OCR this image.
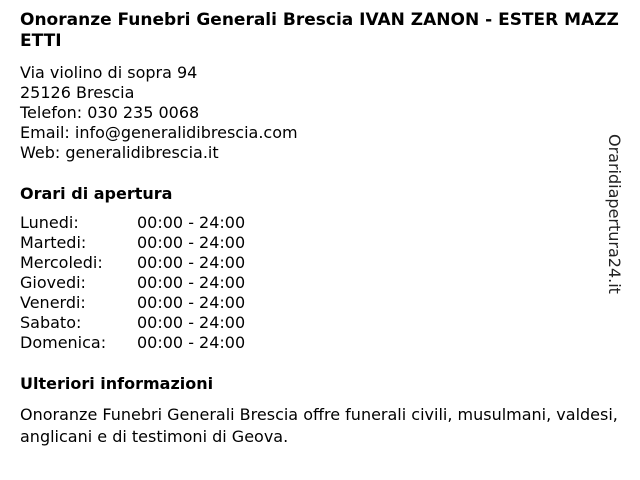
Onoranze Funebri Generali Brescia IVAN ZANON - ESTER MAZZETTI
Via violino di sopra 94
25126 Brescia
Telefon: 030 235 0068
Email: info@generalidibrescia.com
Web: generalidibrescia.it
Orari di apertura
Lunedi:	00:00 - 24:00
Martedi:	00:00 - 24:00
Mercoledi:	00:00 - 24:00
Giovedi:	00:00 - 24:00
Venerdi:	00:00 - 24:00
Sabato:	00:00 - 24:00
Domenica:	00:00 - 24:00
Ulteriori informazioni
Onoranze Funebri Generali Brescia offre funerali civili, musulmani, valdesi, anglicani e di testimoni di Geova.
Oraridiapertura24.it
